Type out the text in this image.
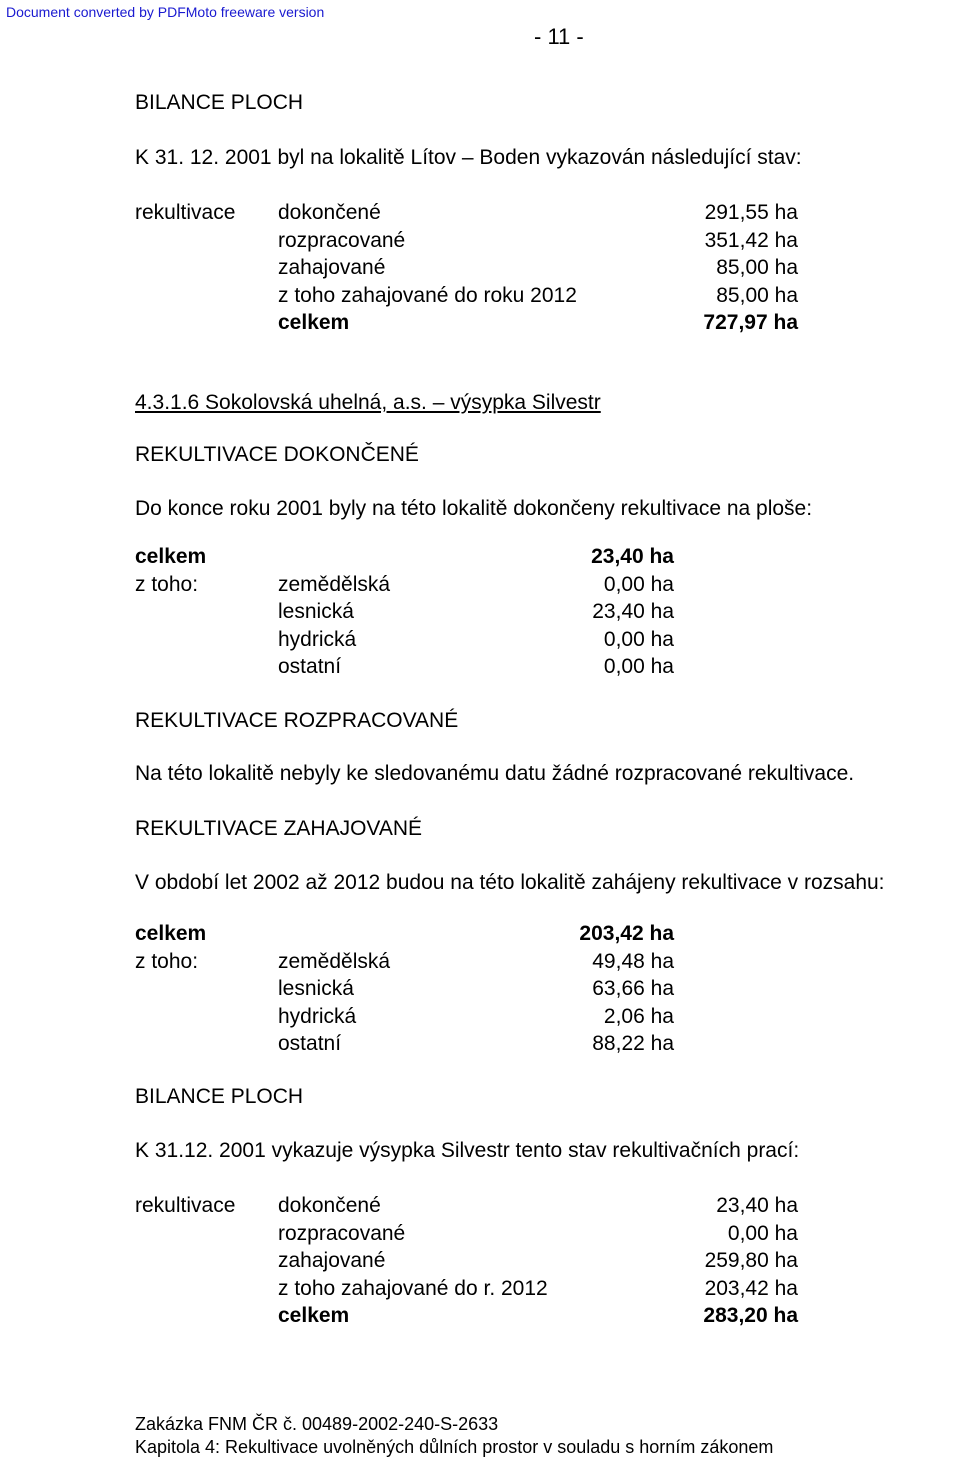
Document converted by PDFMoto freeware version
- 11 -
BILANCE PLOCH
K 31. 12. 2001 byl na lokalitě Lítov – Boden vykazován následující stav:
rekultivace dokončené	291,55 ha
rozpracované	351,42 ha
zahajované	85,00 ha
z toho zahajované do roku 2012	85,00 ha
celkem	727,97 ha
4.3.1.6 Sokolovská uhelná, a.s. – výsypka Silvestr
REKULTIVACE DOKONČENÉ
Do konce roku 2001 byly na této lokalitě dokončeny rekultivace na ploše:
celkem	23,40 ha
z toho:	zemědělská	0,00 ha
lesnická	23,40 ha
hydrická	0,00 ha
ostatní	0,00 ha
REKULTIVACE ROZPRACOVANÉ
Na této lokalitě nebyly ke sledovanému datu žádné rozpracované rekultivace.
REKULTIVACE ZAHAJOVANÉ
V období let 2002 až 2012 budou na této lokalitě zahájeny rekultivace v rozsahu:
celkem	203,42 ha
z toho:	zemědělská	49,48 ha
lesnická	63,66 ha
hydrická	2,06 ha
ostatní	88,22 ha
BILANCE PLOCH
K 31.12. 2001 vykazuje výsypka Silvestr tento stav rekultivačních prací:
rekultivace dokončené	23,40 ha
rozpracované	0,00 ha
zahajované	259,80 ha
z toho zahajované do r. 2012	203,42 ha
celkem	283,20 ha
Zakázka FNM ČR č. 00489-2002-240-S-2633
Kapitola 4: Rekultivace uvolněných důlních prostor v souladu s horním zákonem
